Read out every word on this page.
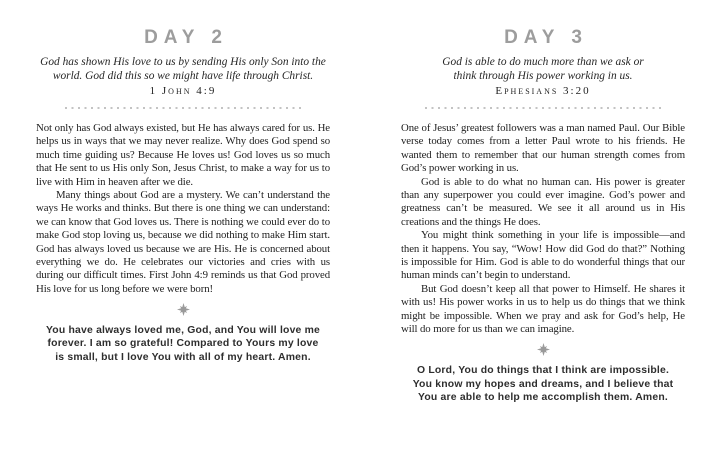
DAY 2
God has shown His love to us by sending His only Son into the
world. God did this so we might have life through Christ.
1 John 4:9

Not only has God always existed, but He has always cared for us. He helps us in ways that we may never realize. Why does God spend so much time guiding us? Because He loves us! God loves us so much that He sent to us His only Son, Jesus Christ, to make a way for us to live with Him in heaven after we die.

Many things about God are a mystery. We can’t understand the ways He works and thinks. But there is one thing we can understand: we can know that God loves us. There is nothing we could ever do to make God stop loving us, because we did nothing to make Him start. God has always loved us because we are His. He is concerned about everything we do. He celebrates our victories and cries with us during our difficult times. First John 4:9 reminds us that God proved His love for us long before we were born!

You have always loved me, God, and You will love me
forever. I am so grateful! Compared to Yours my love
is small, but I love You with all of my heart. Amen.
DAY 3
God is able to do much more than we ask or
think through His power working in us.
Ephesians 3:20

One of Jesus’ greatest followers was a man named Paul. Our Bible verse today comes from a letter Paul wrote to his friends. He wanted them to remember that our human strength comes from God’s power working in us.

God is able to do what no human can. His power is greater than any superpower you could ever imagine. God’s power and greatness can’t be measured. We see it all around us in His creations and the things He does.

You might think something in your life is impossible—and then it happens. You say, “Wow! How did God do that?” Nothing is impossible for Him. God is able to do wonderful things that our human minds can’t begin to understand.

But God doesn’t keep all that power to Himself. He shares it with us! His power works in us to help us do things that we think might be impossible. When we pray and ask for God’s help, He will do more for us than we can imagine.

O Lord, You do things that I think are impossible.
You know my hopes and dreams, and I believe that
You are able to help me accomplish them. Amen.
